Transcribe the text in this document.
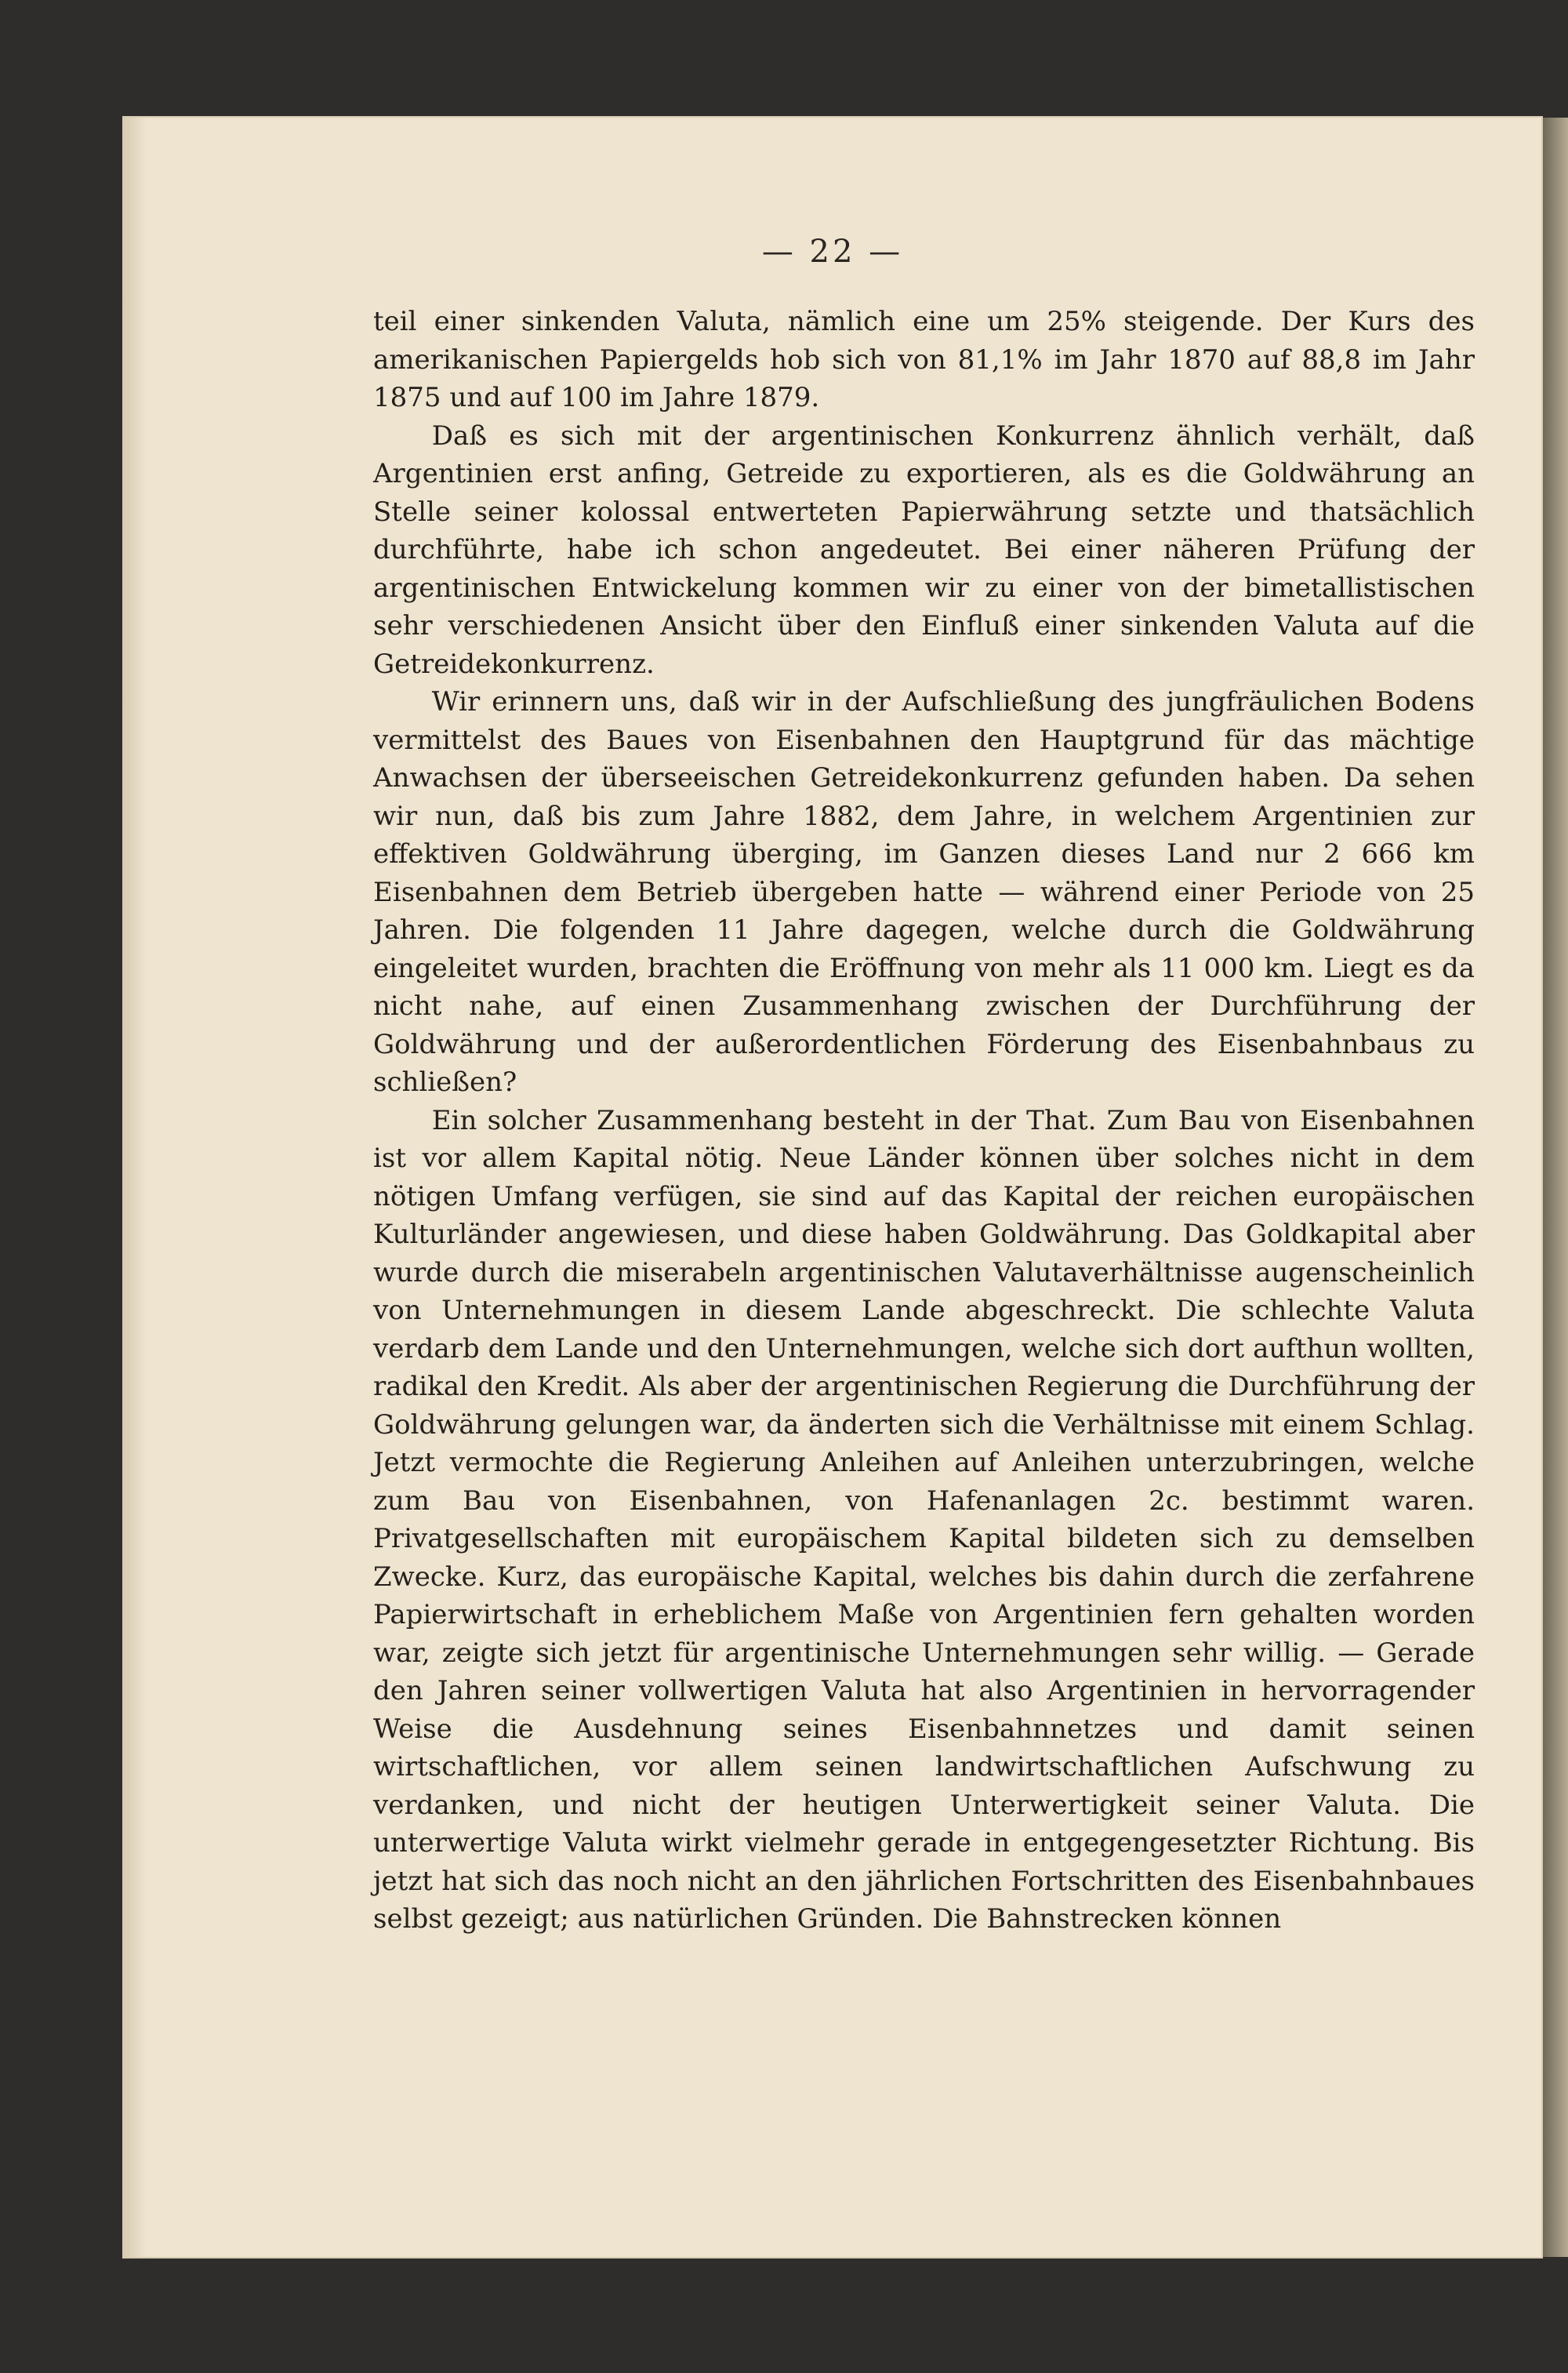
— 22 —

teil einer sinkenden Valuta, nämlich eine um 25% steigende. Der Kurs des amerikanischen Papiergelds hob sich von 81,1% im Jahr 1870 auf 88,8 im Jahr 1875 und auf 100 im Jahre 1879.

Daß es sich mit der argentinischen Konkurrenz ähnlich verhält, daß Argentinien erst anfing, Getreide zu exportieren, als es die Goldwährung an Stelle seiner kolossal entwerteten Papierwährung setzte und thatsächlich durchführte, habe ich schon angedeutet. Bei einer näheren Prüfung der argentinischen Entwickelung kommen wir zu einer von der bimetallistischen sehr verschiedenen Ansicht über den Einfluß einer sinkenden Valuta auf die Getreidekonkurrenz.

Wir erinnern uns, daß wir in der Aufschließung des jungfräulichen Bodens vermittelst des Baues von Eisenbahnen den Hauptgrund für das mächtige Anwachsen der überseeischen Getreidekonkurrenz gefunden haben. Da sehen wir nun, daß bis zum Jahre 1882, dem Jahre, in welchem Argentinien zur effektiven Goldwährung überging, im Ganzen dieses Land nur 2 666 km Eisenbahnen dem Betrieb übergeben hatte — während einer Periode von 25 Jahren. Die folgenden 11 Jahre dagegen, welche durch die Goldwährung eingeleitet wurden, brachten die Eröffnung von mehr als 11 000 km. Liegt es da nicht nahe, auf einen Zusammenhang zwischen der Durchführung der Goldwährung und der außerordentlichen Förderung des Eisenbahnbaus zu schließen?

Ein solcher Zusammenhang besteht in der That. Zum Bau von Eisenbahnen ist vor allem Kapital nötig. Neue Länder können über solches nicht in dem nötigen Umfang verfügen, sie sind auf das Kapital der reichen europäischen Kulturländer angewiesen, und diese haben Goldwährung. Das Goldkapital aber wurde durch die miserabeln argentinischen Valutaverhältnisse augenscheinlich von Unternehmungen in diesem Lande abgeschreckt. Die schlechte Valuta verdarb dem Lande und den Unternehmungen, welche sich dort aufthun wollten, radikal den Kredit. Als aber der argentinischen Regierung die Durchführung der Goldwährung gelungen war, da änderten sich die Verhältnisse mit einem Schlag. Jetzt vermochte die Regierung Anleihen auf Anleihen unterzubringen, welche zum Bau von Eisenbahnen, von Hafenanlagen 2c. bestimmt waren. Privatgesellschaften mit europäischem Kapital bildeten sich zu demselben Zwecke. Kurz, das europäische Kapital, welches bis dahin durch die zerfahrene Papierwirtschaft in erheblichem Maße von Argentinien fern gehalten worden war, zeigte sich jetzt für argentinische Unternehmungen sehr willig. — Gerade den Jahren seiner vollwertigen Valuta hat also Argentinien in hervorragender Weise die Ausdehnung seines Eisenbahnnetzes und damit seinen wirtschaftlichen, vor allem seinen landwirtschaftlichen Aufschwung zu verdanken, und nicht der heutigen Unterwertigkeit seiner Valuta. Die unterwertige Valuta wirkt vielmehr gerade in entgegengesetzter Richtung. Bis jetzt hat sich das noch nicht an den jährlichen Fortschritten des Eisenbahnbaues selbst gezeigt; aus natürlichen Gründen. Die Bahnstrecken können
